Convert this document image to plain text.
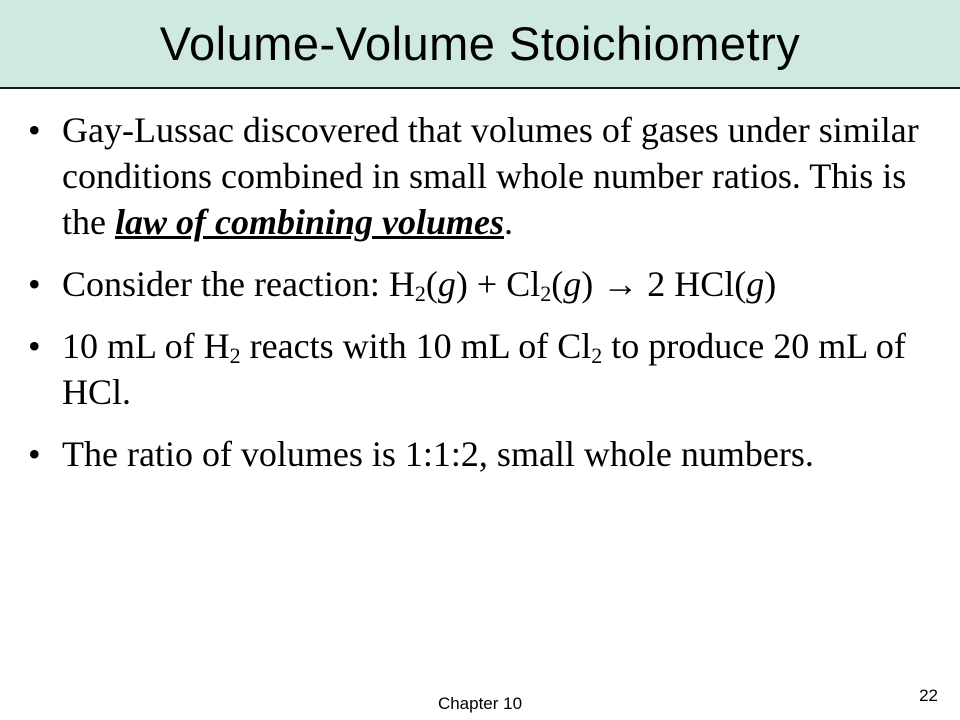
Volume-Volume Stoichiometry
• Gay-Lussac discovered that volumes of gases under similar conditions combined in small whole number ratios. This is the law of combining volumes.
• Consider the reaction: $H_2(g) + Cl_2(g) \to 2$ HCl(g)
• 10 mL of $H_2$ reacts with 10 mL of $Cl_2$ to produce 20 mL of HCl.
• The ratio of volumes is 1:1:2, small whole numbers.
Chapter 10	22
